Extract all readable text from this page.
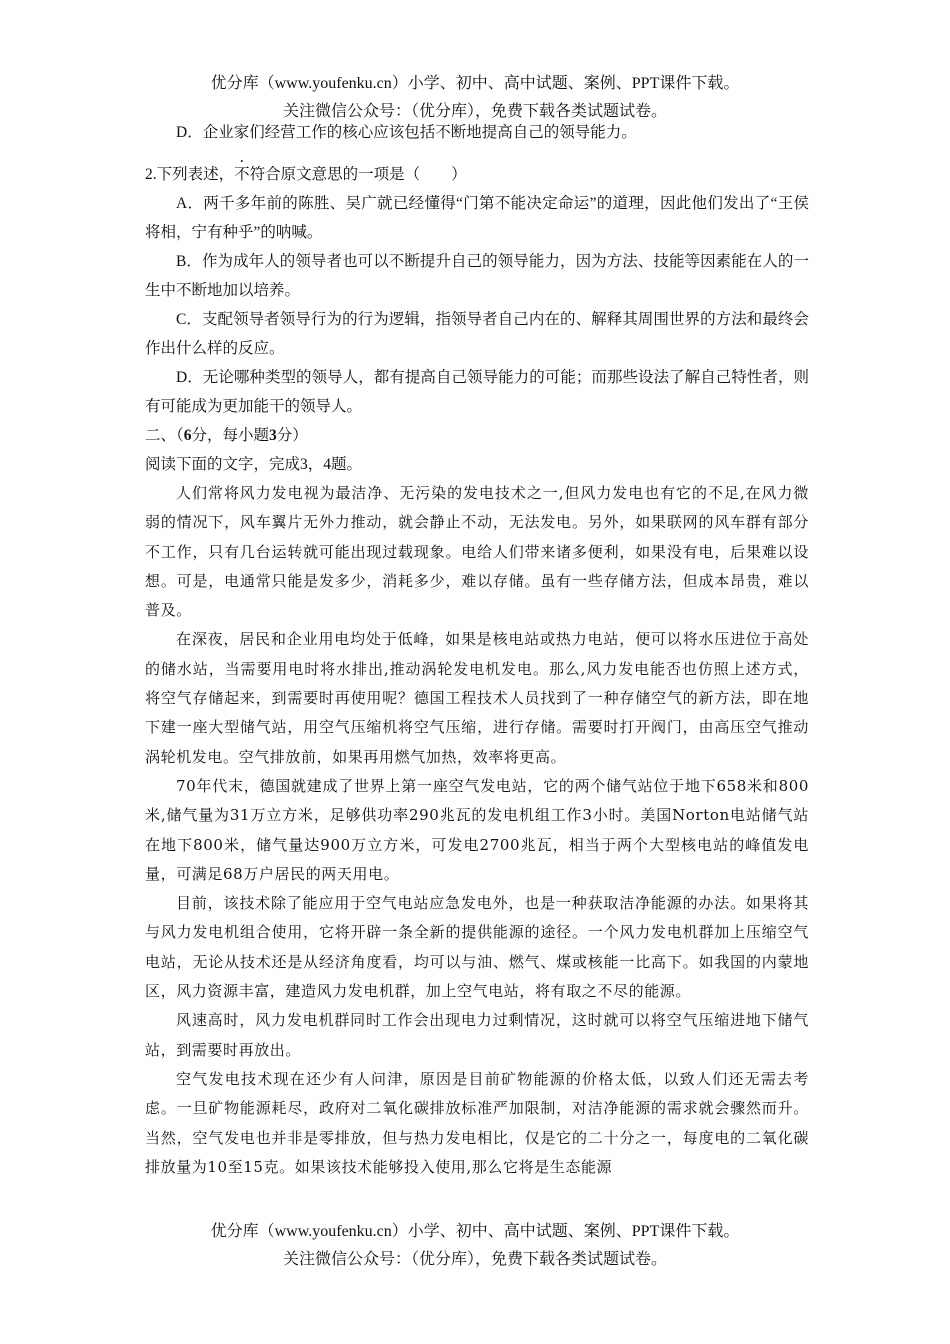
优分库（www.youfenku.cn）小学、初中、高中试题、案例、PPT课件下载。
关注微信公众号：（优分库），免费下载各类试题试卷。

D．企业家们经营工作的核心应该包括不断地提高自己的领导能力。

2.下列表述，不符合原文意思的一项是（　　）

A．两千多年前的陈胜、吴广就已经懂得“门第不能决定命运”的道理，因此他们发出了“王侯将相，宁有种乎”的呐喊。

B．作为成年人的领导者也可以不断提升自己的领导能力，因为方法、技能等因素能在人的一生中不断地加以培养。

C．支配领导者领导行为的行为逻辑，指领导者自己内在的、解释其周围世界的方法和最终会作出什么样的反应。

D．无论哪种类型的领导人，都有提高自己领导能力的可能；而那些设法了解自己特性者，则有可能成为更加能干的领导人。

二、（6分，每小题3分）

阅读下面的文字，完成3，4题。

人们常将风力发电视为最洁净、无污染的发电技术之一,但风力发电也有它的不足,在风力微弱的情况下，风车翼片无外力推动，就会静止不动，无法发电。另外，如果联网的风车群有部分不工作，只有几台运转就可能出现过载现象。电给人们带来诸多便利，如果没有电，后果难以设想。可是，电通常只能是发多少，消耗多少，难以存储。虽有一些存储方法，但成本昂贵，难以普及。

在深夜，居民和企业用电均处于低峰，如果是核电站或热力电站，便可以将水压进位于高处的储水站，当需要用电时将水排出,推动涡轮发电机发电。那么,风力发电能否也仿照上述方式，将空气存储起来，到需要时再使用呢？德国工程技术人员找到了一种存储空气的新方法，即在地下建一座大型储气站，用空气压缩机将空气压缩，进行存储。需要时打开阀门，由高压空气推动涡轮机发电。空气排放前，如果再用燃气加热，效率将更高。

70年代末，德国就建成了世界上第一座空气发电站，它的两个储气站位于地下658米和800米,储气量为31万立方米，足够供功率290兆瓦的发电机组工作3小时。美国Norton电站储气站在地下800米，储气量达900万立方米，可发电2700兆瓦，相当于两个大型核电站的峰值发电量，可满足68万户居民的两天用电。

目前，该技术除了能应用于空气电站应急发电外，也是一种获取洁净能源的办法。如果将其与风力发电机组合使用，它将开辟一条全新的提供能源的途径。一个风力发电机群加上压缩空气电站，无论从技术还是从经济角度看，均可以与油、燃气、煤或核能一比高下。如我国的内蒙地区，风力资源丰富，建造风力发电机群，加上空气电站，将有取之不尽的能源。

风速高时，风力发电机群同时工作会出现电力过剩情况，这时就可以将空气压缩进地下储气站，到需要时再放出。

空气发电技术现在还少有人问津，原因是目前矿物能源的价格太低，以致人们还无需去考虑。一旦矿物能源耗尽，政府对二氧化碳排放标准严加限制，对洁净能源的需求就会骤然而升。当然，空气发电也并非是零排放，但与热力发电相比，仅是它的二十分之一，每度电的二氧化碳排放量为10至15克。如果该技术能够投入使用,那么它将是生态能源

优分库（www.youfenku.cn）小学、初中、高中试题、案例、PPT课件下载。
关注微信公众号：（优分库），免费下载各类试题试卷。
